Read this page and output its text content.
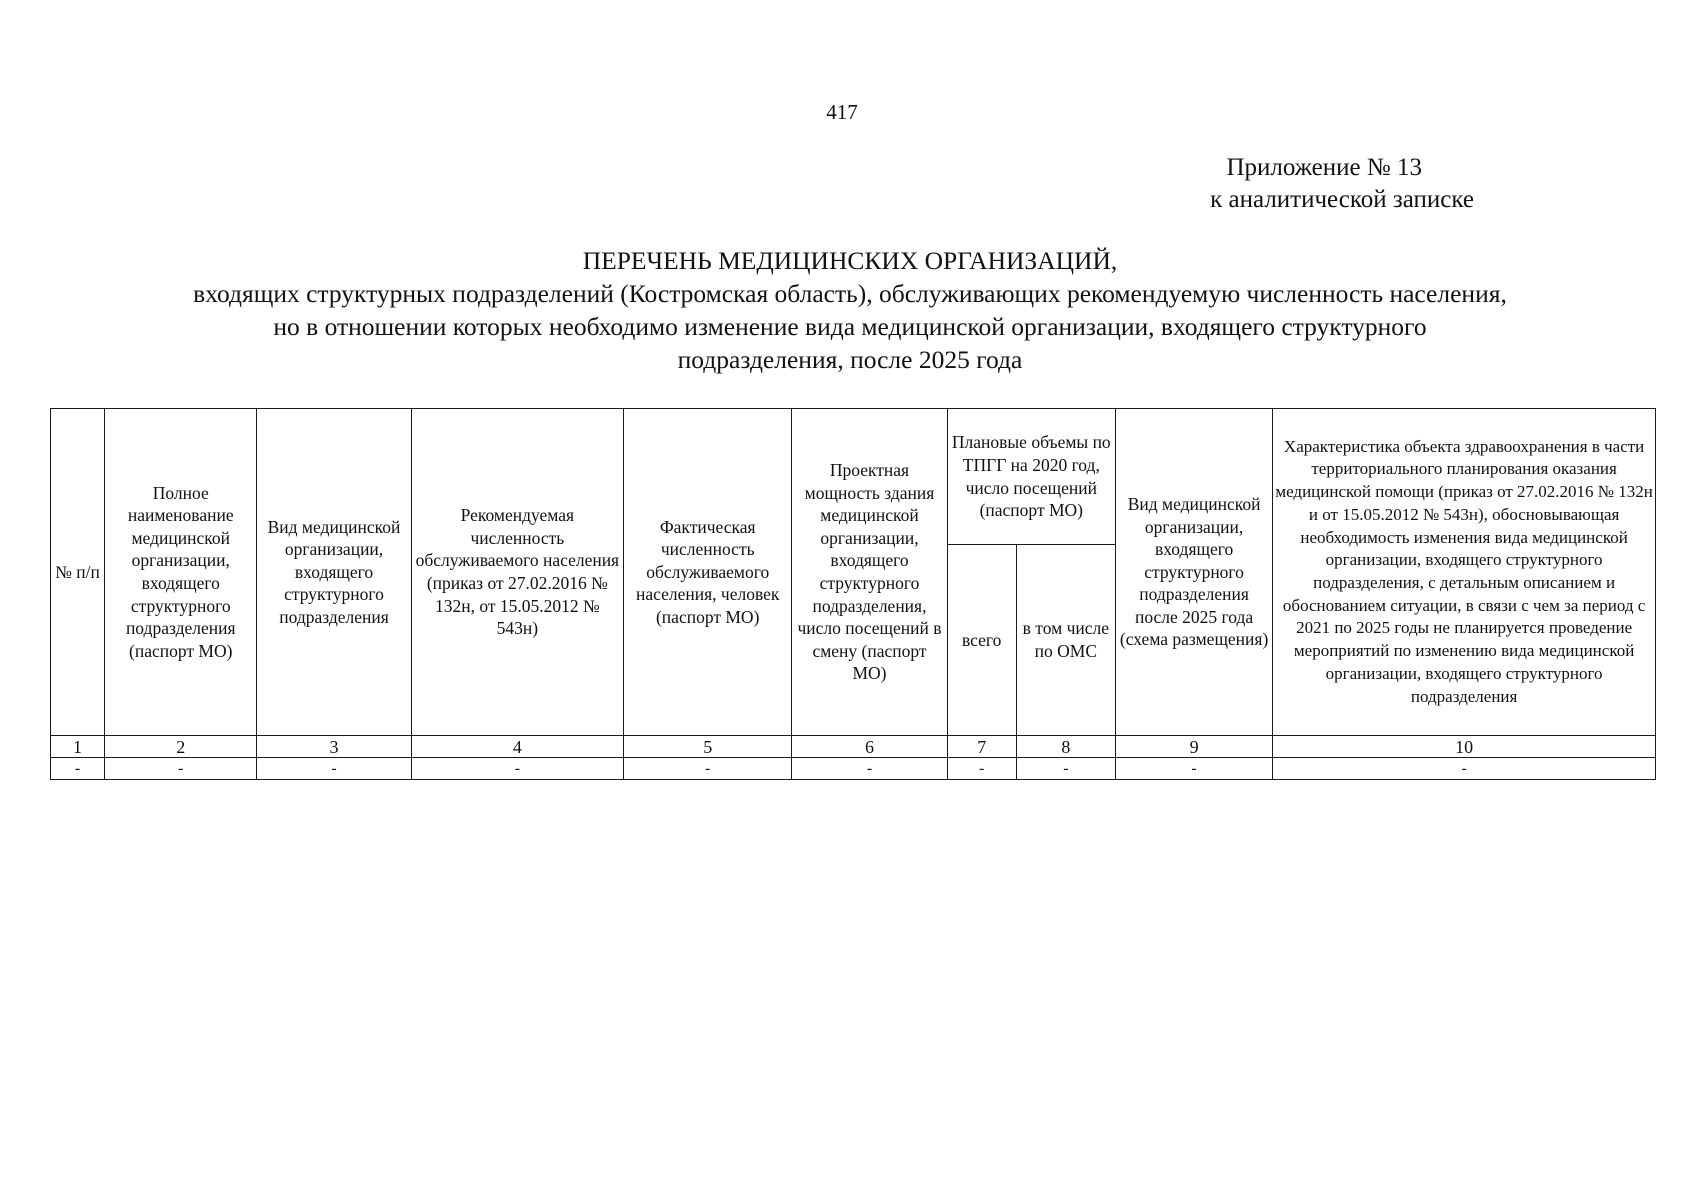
417
Приложение № 13
к аналитической записке
ПЕРЕЧЕНЬ МЕДИЦИНСКИХ ОРГАНИЗАЦИЙ,
входящих структурных подразделений (Костромская область), обслуживающих рекомендуемую численность населения,
но в отношении которых необходимо изменение вида медицинской организации, входящего структурного
подразделения, после 2025 года
№ п/п	Полное наименование медицинской организации, входящего структурного подразделения (паспорт МО)	Вид медицинской организации, входящего структурного подразделения	Рекомендуемая численность обслуживаемого населения (приказ от 27.02.2016 № 132н, от 15.05.2012 № 543н)	Фактическая численность обслуживаемого населения, человек (паспорт МО)	Проектная мощность здания медицинской организации, входящего структурного подразделения, число посещений в смену (паспорт МО)	Плановые объемы по ТПГГ на 2020 год, число посещений (паспорт МО)		Вид медицинской организации, входящего структурного подразделения после 2025 года (схема размещения)	Характеристика объекта здравоохранения в части территориального планирования оказания медицинской помощи (приказ от 27.02.2016 № 132н и от 15.05.2012 № 543н), обосновывающая необходимость изменения вида медицинской организации, входящего структурного подразделения, с детальным описанием и обоснованием ситуации, в связи с чем за период с 2021 по 2025 годы не планируется проведение мероприятий по изменению вида медицинской организации, входящего структурного подразделения
						всего	в том числе по ОМС		
1	2	3	4	5	6	7	8	9	10
-	-	-	-	-	-	-	-	-	-
